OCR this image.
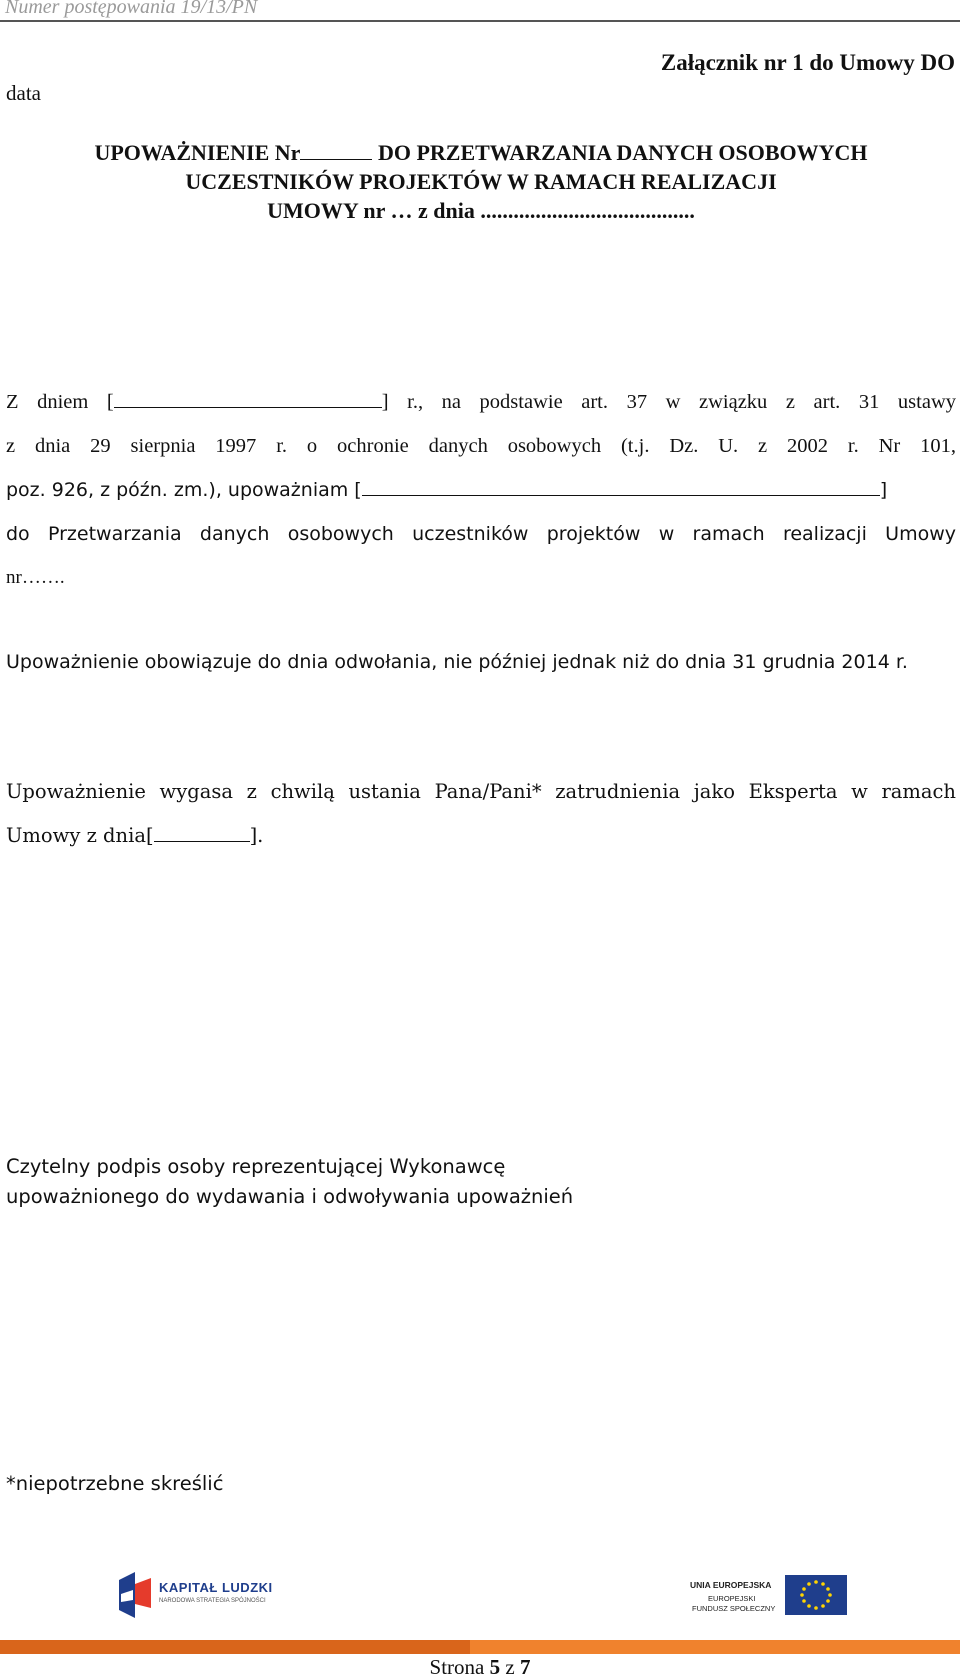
Numer postępowania 19/13/PN
Załącznik nr 1 do Umowy DO
data
UPOWAŻNIENIE Nr	DO PRZETWARZANIA DANYCH OSOBOWYCH
UCZESTNIKÓW PROJEKTÓW W RAMACH REALIZACJI
UMOWY nr … z dnia .......................................
Z dniem [	] r., na podstawie art. 37 w związku z art. 31 ustawy
z dnia 29 sierpnia 1997 r. o ochronie danych osobowych (t.j. Dz. U. z 2002 r. Nr 101,
poz. 926, z późn. zm.), upoważniam [	]
do Przetwarzania danych osobowych uczestników projektów w ramach realizacji Umowy
nr…….
Upoważnienie obowiązuje do dnia odwołania, nie później jednak niż do dnia 31 grudnia 2014 r.
Upoważnienie wygasa z chwilą ustania Pana/Pani* zatrudnienia jako Eksperta w ramach Umowy z dnia[	].
Czytelny podpis osoby reprezentującej Wykonawcę
upoważnionego do wydawania i odwoływania upoważnień
*niepotrzebne skreślić
KAPITAŁ LUDZKI
NARODOWA STRATEGIA SPÓJNOŚCI
UNIA EUROPEJSKA
EUROPEJSKI
FUNDUSZ SPOŁECZNY
Strona 5 z 7
